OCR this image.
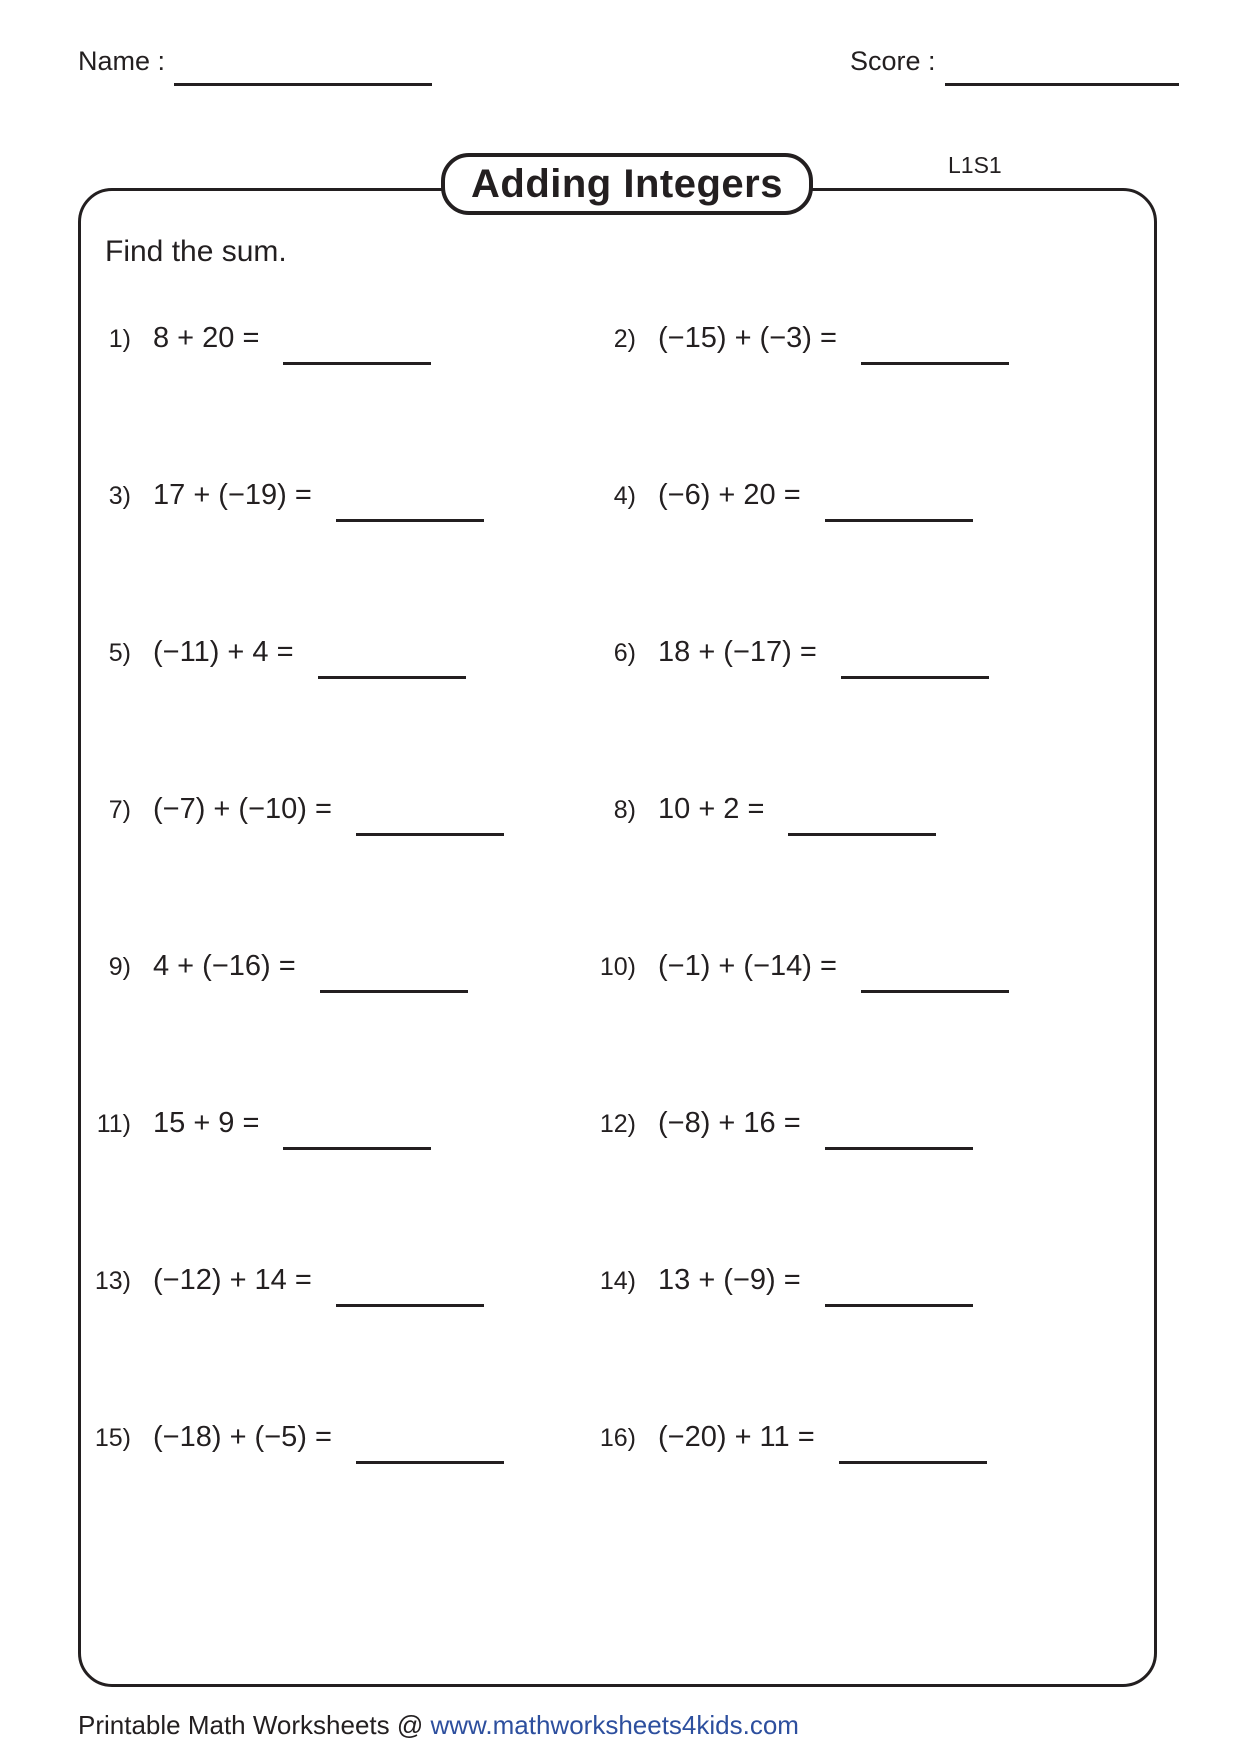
Name :	Score :
Adding Integers	L1S1
Find the sum.
1) 8 + 20 =	2) (−15) + (−3) =
3) 17 + (−19) =	4) (−6) + 20 =
5) (−11) + 4 =	6) 18 + (−17) =
7) (−7) + (−10) =	8) 10 + 2 =
9) 4 + (−16) =	10) (−1) + (−14) =
11) 15 + 9 =	12) (−8) + 16 =
13) (−12) + 14 =	14) 13 + (−9) =
15) (−18) + (−5) =	16) (−20) + 11 =
Printable Math Worksheets @ www.mathworksheets4kids.com
